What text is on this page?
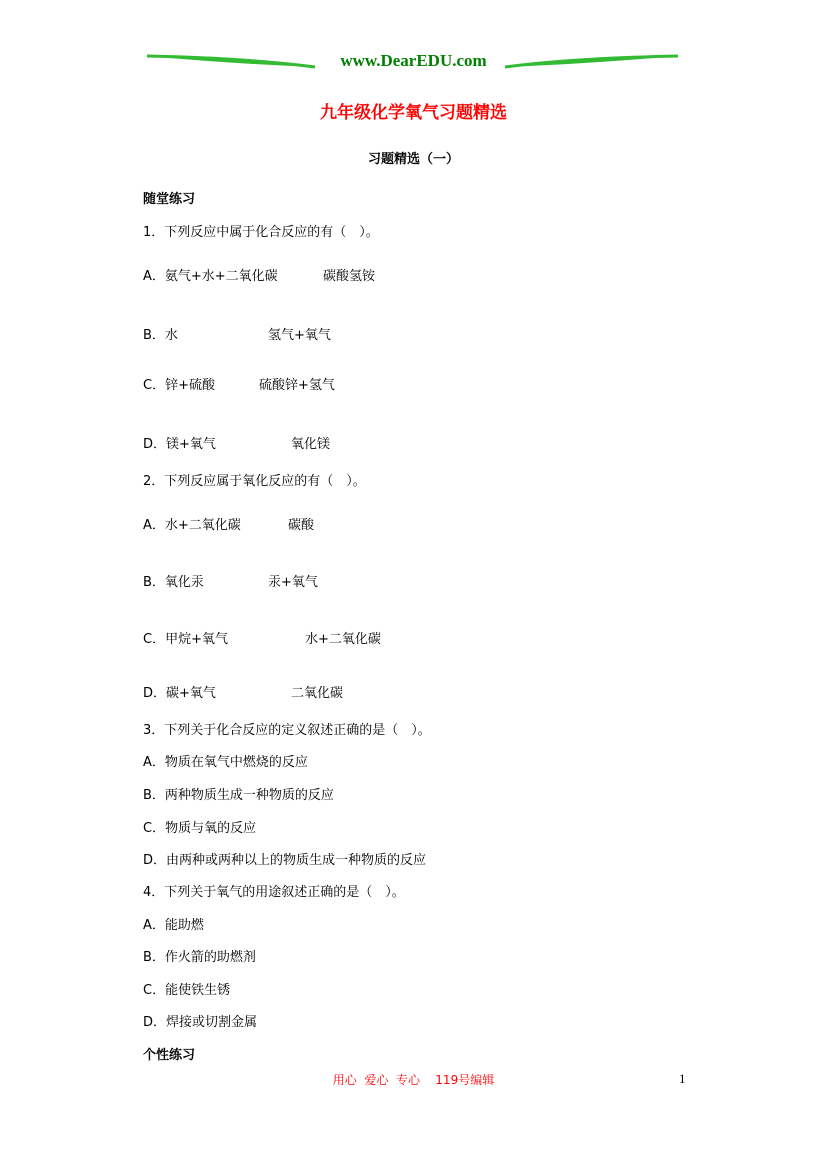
www.DearEDU.com
九年级化学氧气习题精选
习题精选（一）
随堂练习
1．下列反应中属于化合反应的有（　）。
A．氨气+水+二氧化碳	碳酸氢铵
B．水	氢气+氧气
C．锌+硫酸	硫酸锌+氢气
D．镁+氧气	氧化镁
2．下列反应属于氧化反应的有（　）。
A．水+二氧化碳	碳酸
B．氧化汞	汞+氧气
C．甲烷+氧气	水+二氧化碳
D．碳+氧气	二氧化碳
3．下列关于化合反应的定义叙述正确的是（　）。
A．物质在氧气中燃烧的反应
B．两种物质生成一种物质的反应
C．物质与氧的反应
D．由两种或两种以上的物质生成一种物质的反应
4．下列关于氧气的用途叙述正确的是（　）。
A．能助燃
B．作火箭的助燃剂
C．能使铁生锈
D．焊接或切割金属
个性练习
用心  爱心  专心    119号编辑	1
